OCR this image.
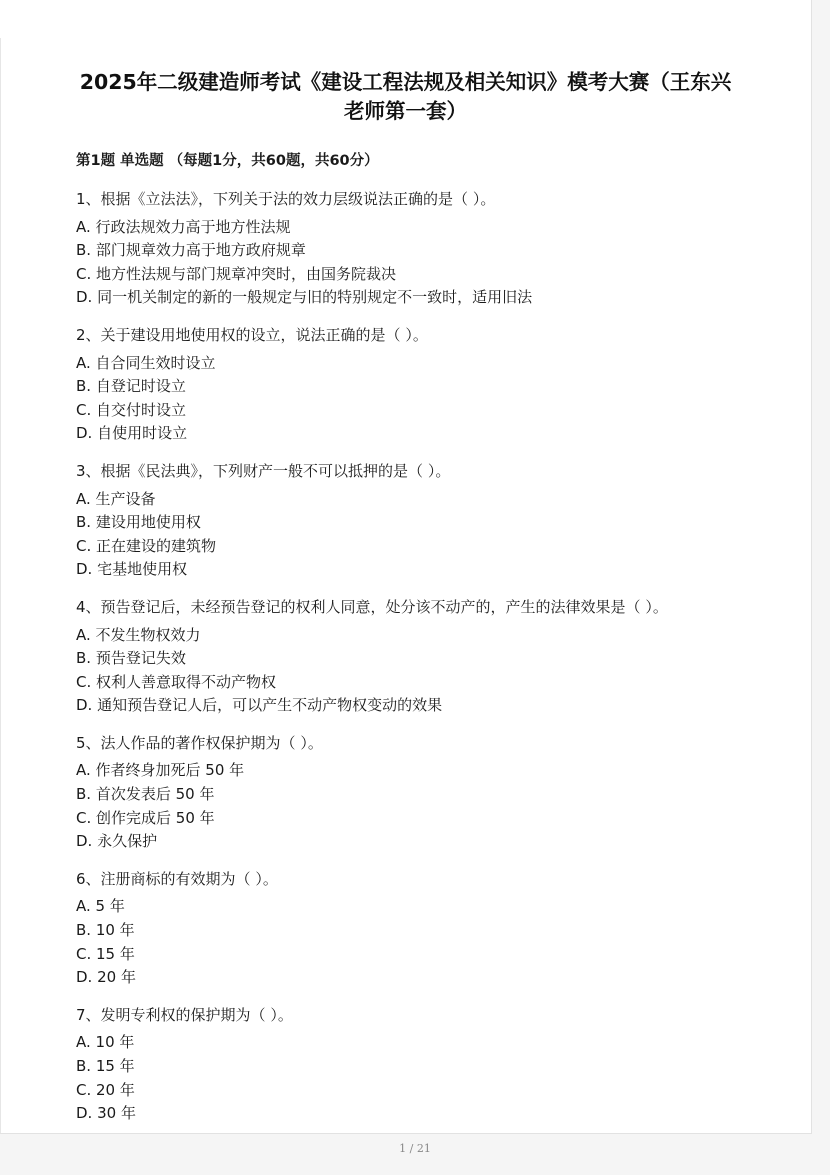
2025年二级建造师考试《建设工程法规及相关知识》模考大赛（王东兴老师第一套）
第1题 单选题 （每题1分，共60题，共60分）
1、根据《立法法》，下列关于法的效力层级说法正确的是（ ）。
A. 行政法规效力高于地方性法规
B. 部门规章效力高于地方政府规章
C. 地方性法规与部门规章冲突时，由国务院裁决
D. 同一机关制定的新的一般规定与旧的特别规定不一致时，适用旧法
2、关于建设用地使用权的设立，说法正确的是（ ）。
A. 自合同生效时设立
B. 自登记时设立
C. 自交付时设立
D. 自使用时设立
3、根据《民法典》，下列财产一般不可以抵押的是（ ）。
A. 生产设备
B. 建设用地使用权
C. 正在建设的建筑物
D. 宅基地使用权
4、预告登记后，未经预告登记的权利人同意，处分该不动产的，产生的法律效果是（ ）。
A. 不发生物权效力
B. 预告登记失效
C. 权利人善意取得不动产物权
D. 通知预告登记人后，可以产生不动产物权变动的效果
5、法人作品的著作权保护期为（ ）。
A. 作者终身加死后 50 年
B. 首次发表后 50 年
C. 创作完成后 50 年
D. 永久保护
6、注册商标的有效期为（ ）。
A. 5 年
B. 10 年
C. 15 年
D. 20 年
7、发明专利权的保护期为（ ）。
A. 10 年
B. 15 年
C. 20 年
D. 30 年
1 / 21
